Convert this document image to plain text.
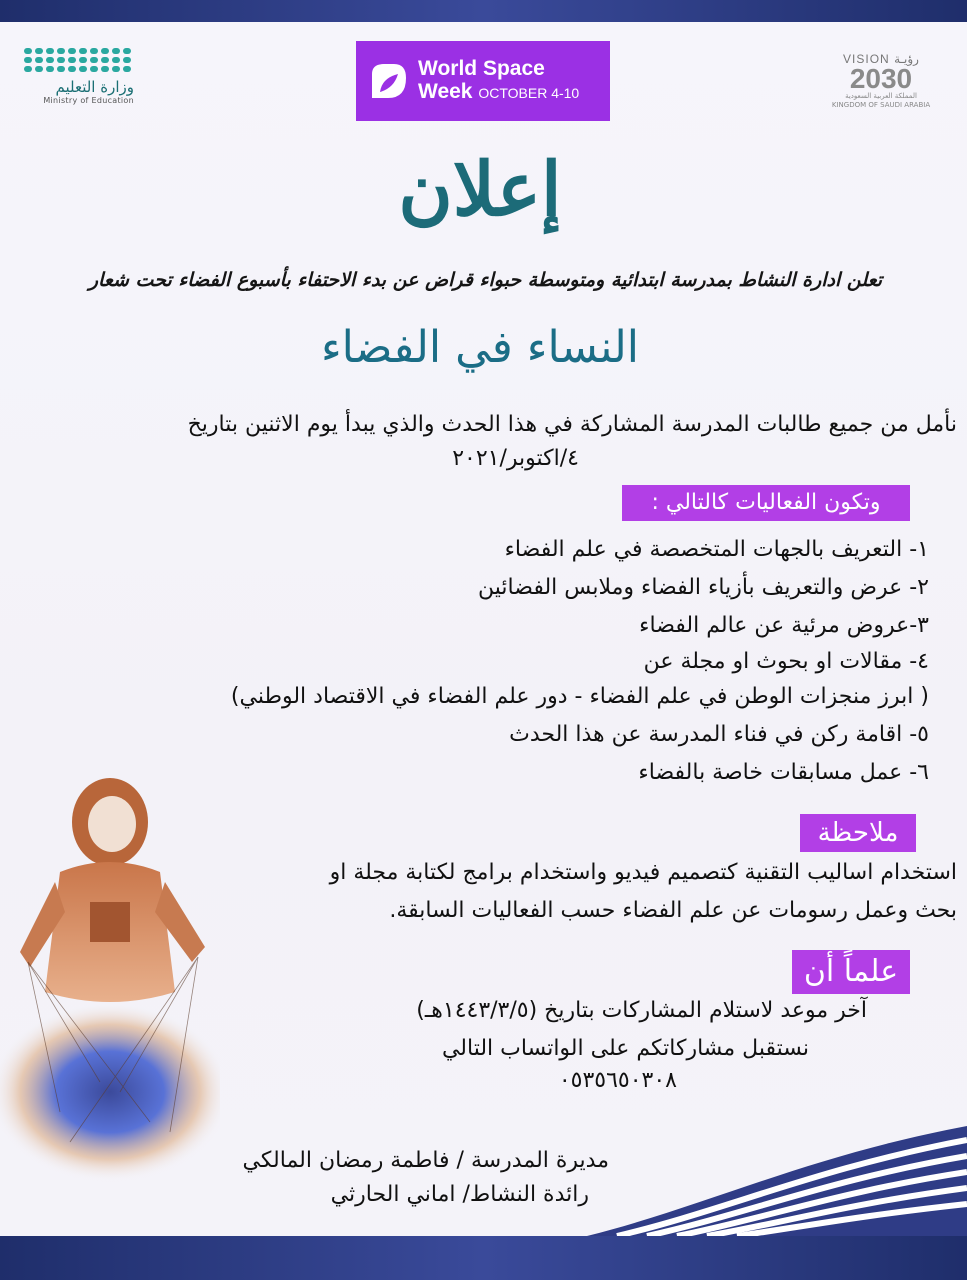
وزارة التعليم
Ministry of Education
World Space
Week OCTOBER 4-10
VISION رؤيـة
2030
المملكة العربية السعودية
KINGDOM OF SAUDI ARABIA
إعلان
تعلن ادارة النشاط بمدرسة ابتدائية ومتوسطة حبواء قراض عن بدء الاحتفاء بأسبوع الفضاء تحت شعار
النساء في الفضاء
نأمل من جميع طالبات المدرسة المشاركة في هذا الحدث والذي يبدأ يوم الاثنين بتاريخ
٤/اكتوبر/٢٠٢١
وتكون الفعاليات كالتالي :
١- التعريف بالجهات المتخصصة في علم الفضاء
٢- عرض والتعريف بأزياء الفضاء وملابس الفضائين
٣-عروض مرئية عن عالم الفضاء
٤- مقالات او بحوث او مجلة عن
( ابرز منجزات الوطن في علم الفضاء - دور علم الفضاء في الاقتصاد الوطني)
٥- اقامة ركن في فناء المدرسة عن هذا الحدث
٦- عمل مسابقات خاصة بالفضاء
ملاحظة
استخدام اساليب التقنية كتصميم فيديو واستخدام برامج لكتابة مجلة او
بحث وعمل رسومات عن علم الفضاء حسب الفعاليات السابقة.
علماً أن
آخر موعد لاستلام المشاركات بتاريخ (١٤٤٣/٣/٥هـ)
نستقبل مشاركاتكم على الواتساب التالي
٠٥٣٥٦٥٠٣٠٨
مديرة المدرسة / فاطمة رمضان المالكي
رائدة النشاط/ اماني الحارثي
